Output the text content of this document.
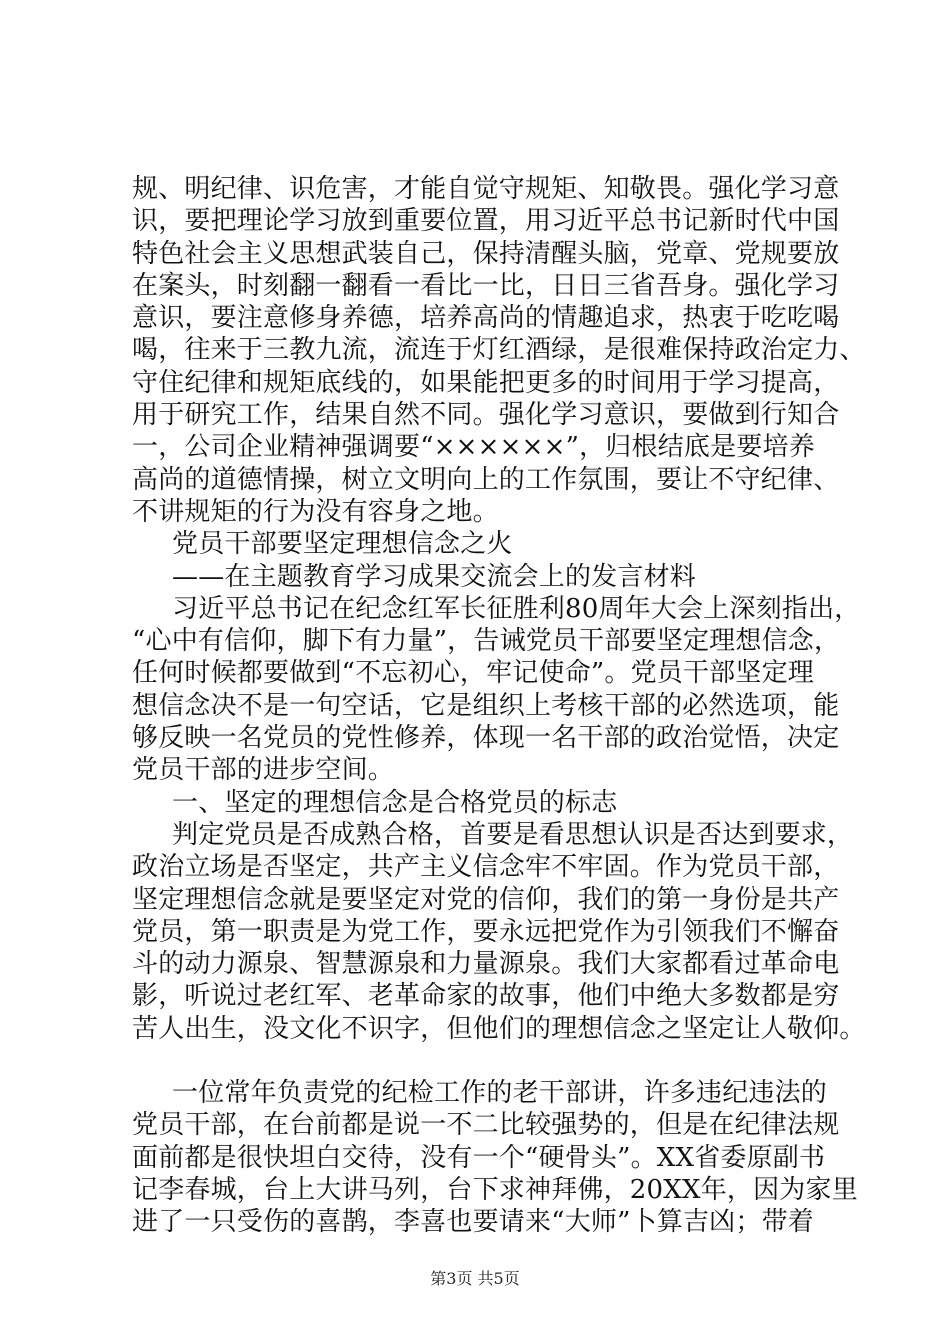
规、明纪律、识危害，才能自觉守规矩、知敬畏。强化学习意
识，要把理论学习放到重要位置，用习近平总书记新时代中国
特色社会主义思想武装自己，保持清醒头脑，党章、党规要放
在案头，时刻翻一翻看一看比一比，日日三省吾身。强化学习
意识，要注意修身养德，培养高尚的情趣追求，热衷于吃吃喝
喝，往来于三教九流，流连于灯红酒绿，是很难保持政治定力、
守住纪律和规矩底线的，如果能把更多的时间用于学习提高，
用于研究工作，结果自然不同。强化学习意识，要做到行知合
一，公司企业精神强调要“××××××”，归根结底是要培养
高尚的道德情操，树立文明向上的工作氛围，要让不守纪律、
不讲规矩的行为没有容身之地。
党员干部要坚定理想信念之火
——在主题教育学习成果交流会上的发言材料
习近平总书记在纪念红军长征胜利80周年大会上深刻指出，
“心中有信仰，脚下有力量”，告诫党员干部要坚定理想信念，
任何时候都要做到“不忘初心，牢记使命”。党员干部坚定理
想信念决不是一句空话，它是组织上考核干部的必然选项，能
够反映一名党员的党性修养，体现一名干部的政治觉悟，决定
党员干部的进步空间。
一、坚定的理想信念是合格党员的标志
判定党员是否成熟合格，首要是看思想认识是否达到要求，
政治立场是否坚定，共产主义信念牢不牢固。作为党员干部，
坚定理想信念就是要坚定对党的信仰，我们的第一身份是共产
党员，第一职责是为党工作，要永远把党作为引领我们不懈奋
斗的动力源泉、智慧源泉和力量源泉。我们大家都看过革命电
影，听说过老红军、老革命家的故事，他们中绝大多数都是穷
苦人出生，没文化不识字，但他们的理想信念之坚定让人敬仰。
一位常年负责党的纪检工作的老干部讲，许多违纪违法的
党员干部，在台前都是说一不二比较强势的，但是在纪律法规
面前都是很快坦白交待，没有一个“硬骨头”。XX省委原副书
记李春城，台上大讲马列，台下求神拜佛，20XX年，因为家里
进了一只受伤的喜鹊，李喜也要请来“大师”卜算吉凶；带着
第3页 共5页
